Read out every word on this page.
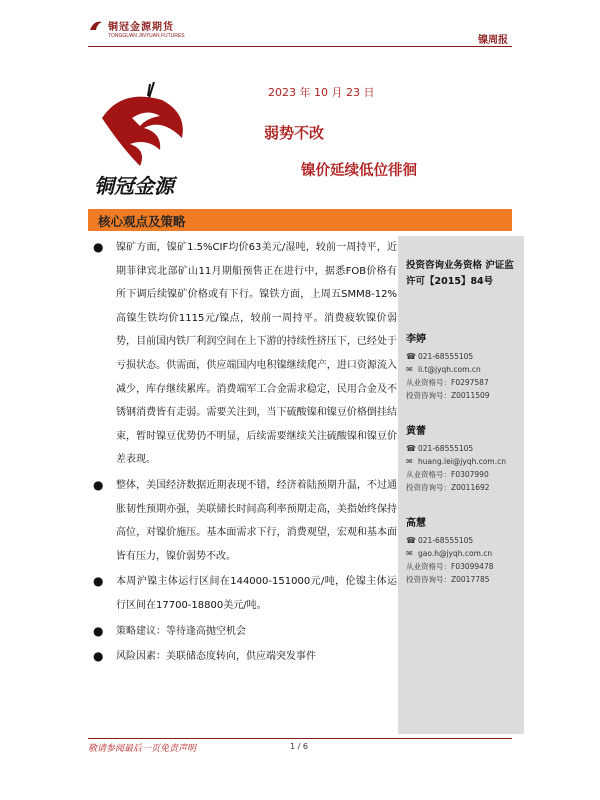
铜冠金源期货
TONGGUAN JINYUAN FUTURES	镍周报
铜冠金源
2023 年 10 月 23 日
弱势不改
镍价延续低位徘徊
核心观点及策略
● 镍矿方面，镍矿1.5%CIF均价63美元/湿吨，较前一周持平，近期菲律宾北部矿山11月期船预售正在进行中，据悉FOB价格有所下调后续镍矿价格或有下行。镍铁方面，上周五SMM8-12%高镍生铁均价1115元/镍点，较前一周持平。消费疲软镍价弱势，目前国内铁厂利润空间在上下游的持续性挤压下，已经处于亏损状态。供需面，供应端国内电积镍继续爬产，进口资源流入减少，库存继续累库。消费端军工合金需求稳定，民用合金及不锈钢消费皆有走弱。需要关注到，当下硫酸镍和镍豆价格倒挂结束，暂时镍豆优势仍不明显，后续需要继续关注硫酸镍和镍豆价差表现。
● 整体，美国经济数据近期表现不错，经济着陆预期升温，不过通胀韧性预期亦强，美联储长时间高利率预期走高，美指始终保持高位，对镍价施压。基本面需求下行，消费观望，宏观和基本面皆有压力，镍价弱势不改。
● 本周沪镍主体运行区间在144000-151000元/吨，伦镍主体运行区间在17700-18800美元/吨。
● 策略建议：等待逢高抛空机会
● 风险因素：美联储态度转向，供应端突发事件
投资咨询业务资格 沪证监许可【2015】84号
李婷
☎ 021-68555105
✉ li.t@jyqh.com.cn
从业资格号：F0297587
投资咨询号：Z0011509
黄蕾
☎ 021-68555105
✉ huang.lei@jyqh.com.cn
从业资格号：F0307990
投资咨询号：Z0011692
高慧
☎ 021-68555105
✉ gao.h@jyqh.com.cn
从业资格号：F03099478
投资咨询号：Z0017785
敬请参阅最后一页免责声明	1 / 6
